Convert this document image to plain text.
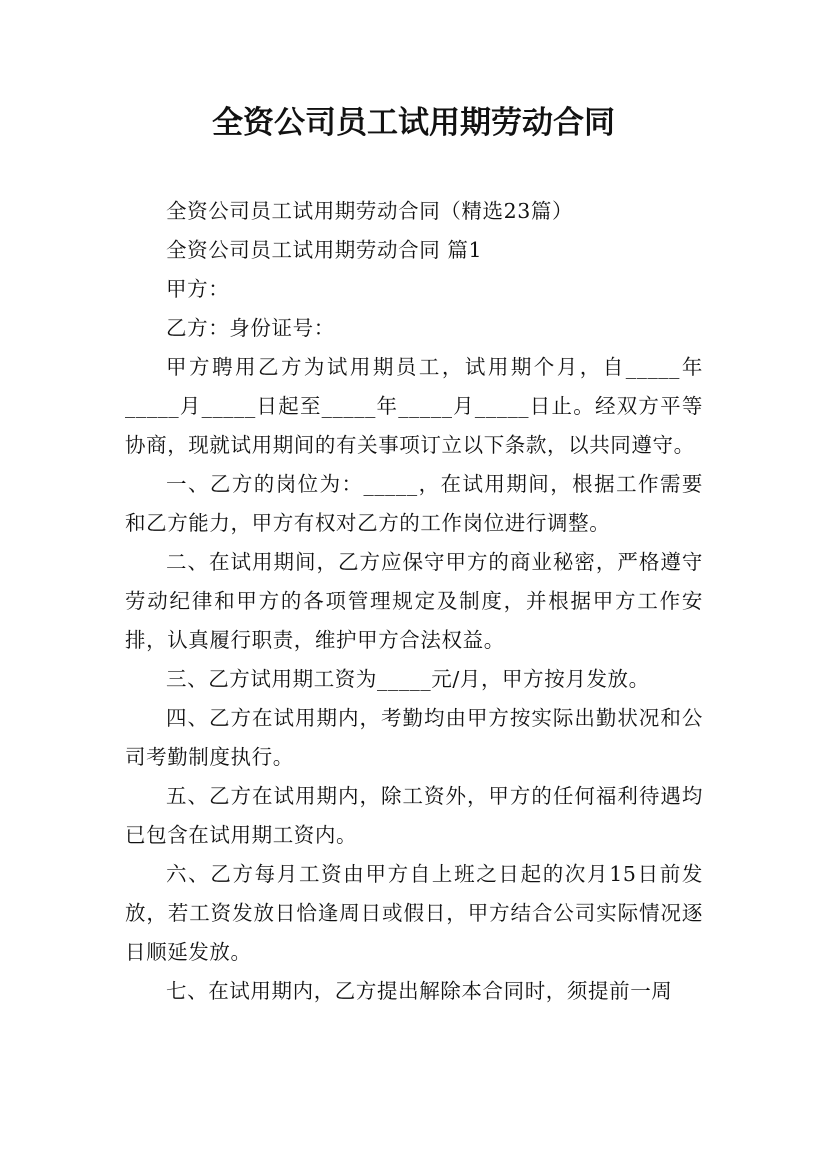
全资公司员工试用期劳动合同

全资公司员工试用期劳动合同（精选23篇）

全资公司员工试用期劳动合同 篇1

甲方：

乙方：身份证号：

甲方聘用乙方为试用期员工，试用期个月，自_____年_____月_____日起至_____年_____月_____日止。经双方平等协商，现就试用期间的有关事项订立以下条款，以共同遵守。

一、乙方的岗位为：_____，在试用期间，根据工作需要和乙方能力，甲方有权对乙方的工作岗位进行调整。

二、在试用期间，乙方应保守甲方的商业秘密，严格遵守劳动纪律和甲方的各项管理规定及制度，并根据甲方工作安排，认真履行职责，维护甲方合法权益。

三、乙方试用期工资为_____元/月，甲方按月发放。

四、乙方在试用期内，考勤均由甲方按实际出勤状况和公司考勤制度执行。

五、乙方在试用期内，除工资外，甲方的任何福利待遇均已包含在试用期工资内。

六、乙方每月工资由甲方自上班之日起的次月15日前发放，若工资发放日恰逢周日或假日，甲方结合公司实际情况逐日顺延发放。

七、在试用期内，乙方提出解除本合同时，须提前一周
